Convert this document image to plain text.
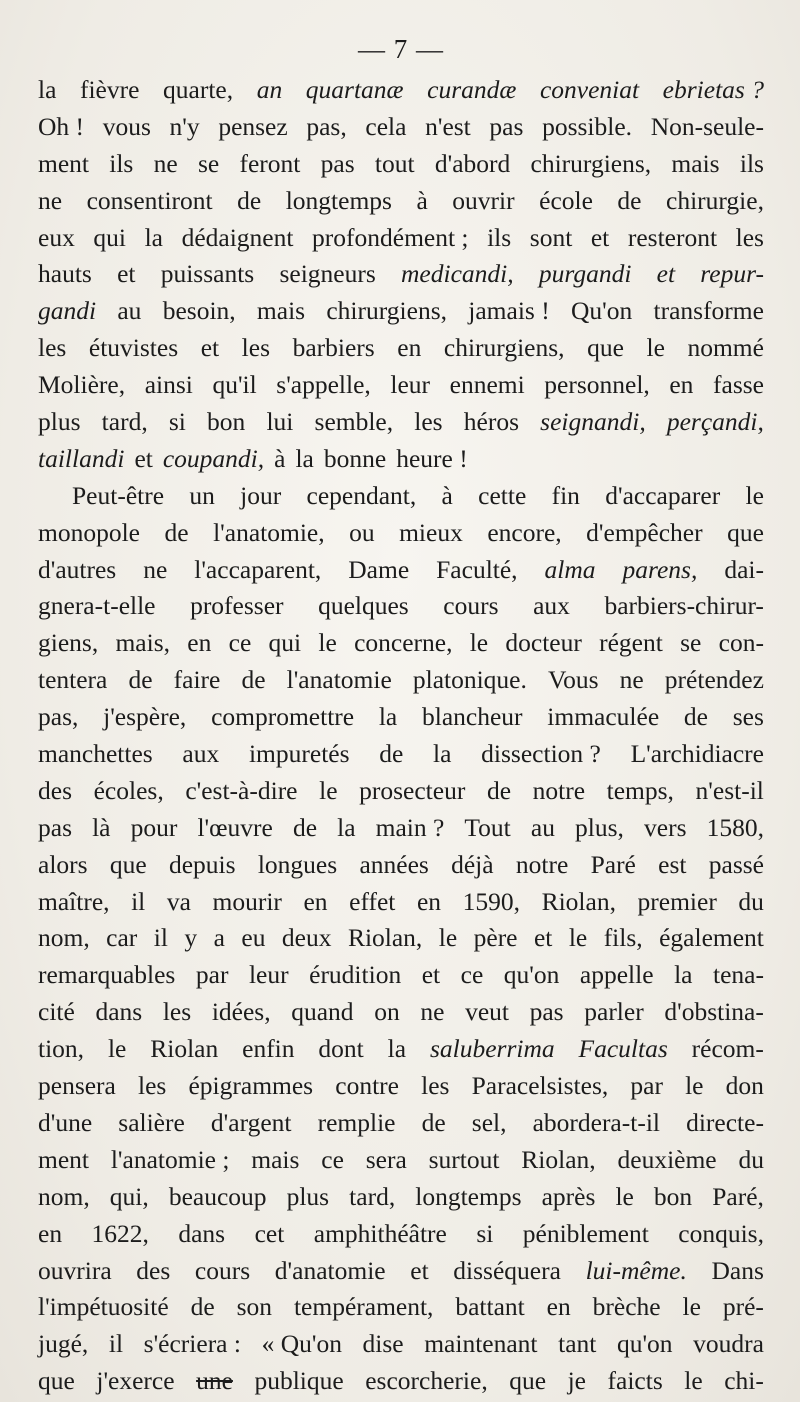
— 7 —
la fièvre quarte, an quartanæ curandæ conveniat ebrietas ?
Oh ! vous n'y pensez pas, cela n'est pas possible. Non-seule-
ment ils ne se feront pas tout d'abord chirurgiens, mais ils
ne consentiront de longtemps à ouvrir école de chirurgie,
eux qui la dédaignent profondément ; ils sont et resteront les
hauts et puissants seigneurs medicandi, purgandi et repur-
gandi au besoin, mais chirurgiens, jamais ! Qu'on transforme
les étuvistes et les barbiers en chirurgiens, que le nommé
Molière, ainsi qu'il s'appelle, leur ennemi personnel, en fasse
plus tard, si bon lui semble, les héros seignandi, perçandi,
taillandi et coupandi, à la bonne heure !
Peut-être un jour cependant, à cette fin d'accaparer le
monopole de l'anatomie, ou mieux encore, d'empêcher que
d'autres ne l'accaparent, Dame Faculté, alma parens, dai-
gnera-t-elle professer quelques cours aux barbiers-chirur-
giens, mais, en ce qui le concerne, le docteur régent se con-
tentera de faire de l'anatomie platonique. Vous ne prétendez
pas, j'espère, compromettre la blancheur immaculée de ses
manchettes aux impuretés de la dissection ? L'archidiacre
des écoles, c'est-à-dire le prosecteur de notre temps, n'est-il
pas là pour l'œuvre de la main ? Tout au plus, vers 1580,
alors que depuis longues années déjà notre Paré est passé
maître, il va mourir en effet en 1590, Riolan, premier du
nom, car il y a eu deux Riolan, le père et le fils, également
remarquables par leur érudition et ce qu'on appelle la tena-
cité dans les idées, quand on ne veut pas parler d'obstina-
tion, le Riolan enfin dont la saluberrima Facultas récom-
pensera les épigrammes contre les Paracelsistes, par le don
d'une salière d'argent remplie de sel, abordera-t-il directe-
ment l'anatomie ; mais ce sera surtout Riolan, deuxième du
nom, qui, beaucoup plus tard, longtemps après le bon Paré,
en 1622, dans cet amphithéâtre si péniblement conquis,
ouvrira des cours d'anatomie et disséquera lui-même. Dans
l'impétuosité de son tempérament, battant en brèche le pré-
jugé, il s'écriera : « Qu'on dise maintenant tant qu'on voudra
que j'exerce une publique escorcherie, que je faicts le chi-
